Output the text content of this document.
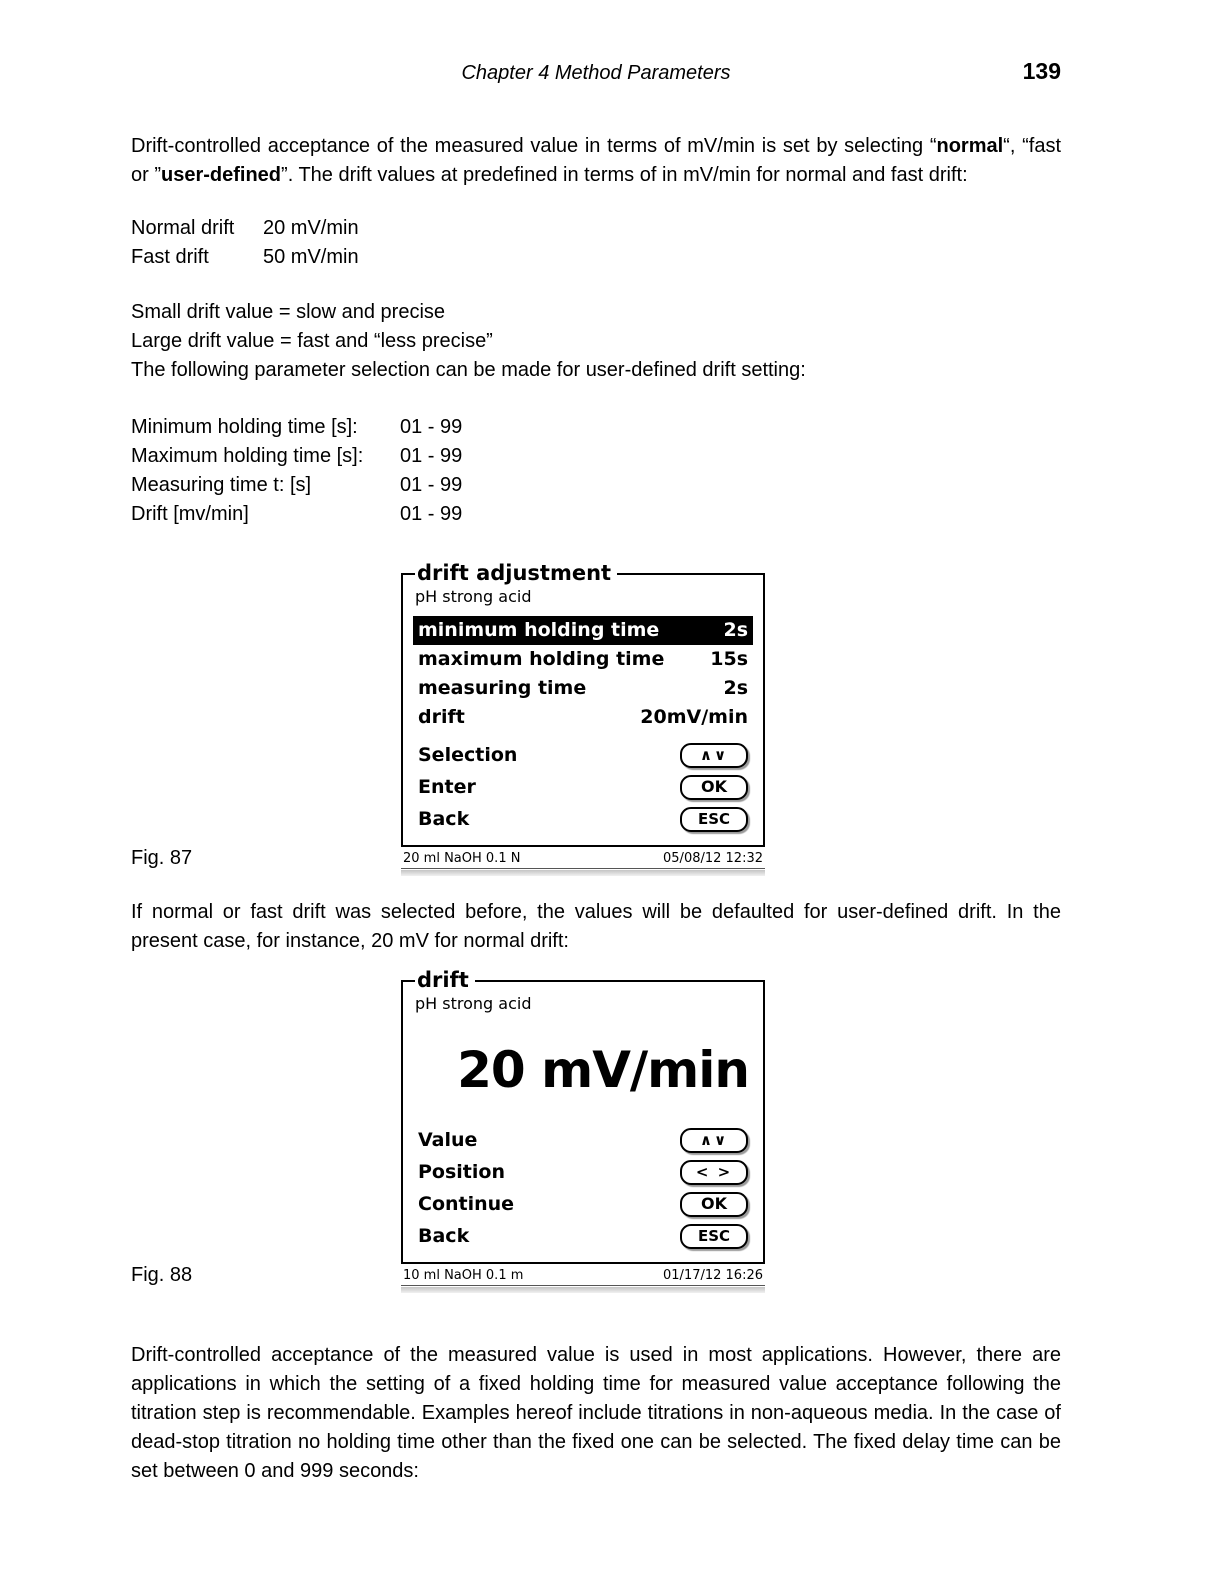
Chapter 4 Method Parameters	139

Drift-controlled acceptance of the measured value in terms of mV/min is set by selecting “normal“, “fast or ”user-defined”. The drift values at predefined in terms of in mV/min for normal and fast drift:

Normal drift	20 mV/min
Fast drift	50 mV/min
Small drift value = slow and precise
Large drift value = fast and “less precise”
The following parameter selection can be made for user-defined drift setting:
Minimum holding time [s]:	01 - 99
Maximum holding time [s]:	01 - 99
Measuring time t: [s]	01 - 99
Drift [mv/min]	01 - 99
Fig. 87
drift adjustment
pH strong acid
minimum holding time	2s
maximum holding time 15s
measuring time	2s
drift	20mV/min
Selection	∧∨
Enter	OK
Back	ESC
20 ml NaOH 0.1 N	05/08/12 12:32

If normal or fast drift was selected before, the values will be defaulted for user-defined drift. In the present case, for instance, 20 mV for normal drift:

Fig. 88
drift
pH strong acid
20 mV/min
Value	∧∨
Position	< >
Continue	OK
Back	ESC
10 ml NaOH 0.1 m	01/17/12 16:26

Drift-controlled acceptance of the measured value is used in most applications. However, there are applications in which the setting of a fixed holding time for measured value acceptance following the titration step is recommendable. Examples hereof include titrations in non-aqueous media. In the case of dead-stop titration no holding time other than the fixed one can be selected. The fixed delay time can be set between 0 and 999 seconds:
